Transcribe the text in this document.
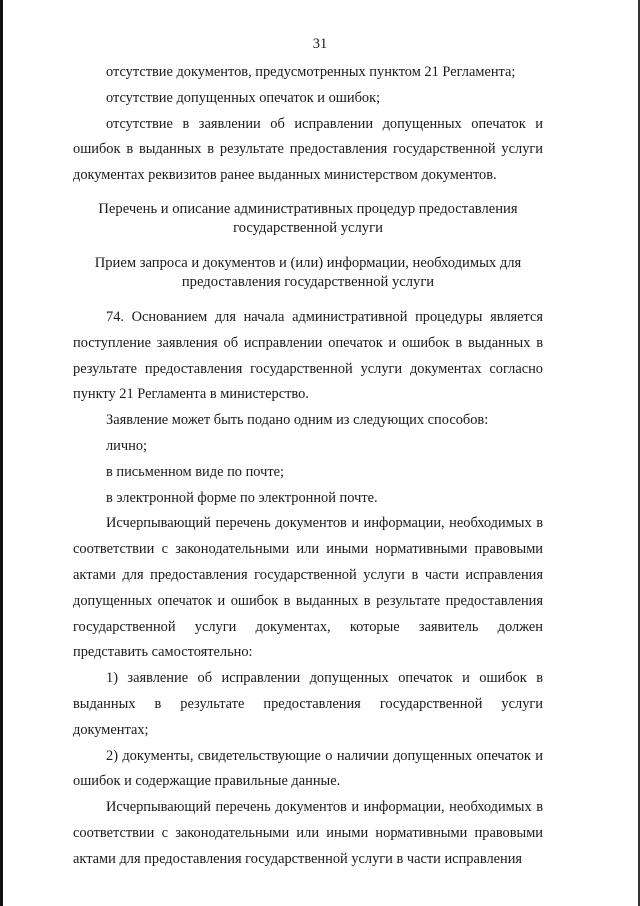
31

отсутствие документов, предусмотренных пунктом 21 Регламента;

отсутствие допущенных опечаток и ошибок;

отсутствие в заявлении об исправлении допущенных опечаток и ошибок в выданных в результате предоставления государственной услуги документах реквизитов ранее выданных министерством документов.

Перечень и описание административных процедур предоставления государственной услуги

Прием запроса и документов и (или) информации, необходимых для предоставления государственной услуги

74. Основанием для начала административной процедуры является поступление заявления об исправлении опечаток и ошибок в выданных в результате предоставления государственной услуги документах согласно пункту 21 Регламента в министерство.

Заявление может быть подано одним из следующих способов:

лично;

в письменном виде по почте;

в электронной форме по электронной почте.

Исчерпывающий перечень документов и информации, необходимых в соответствии с законодательными или иными нормативными правовыми актами для предоставления государственной услуги в части исправления допущенных опечаток и ошибок в выданных в результате предоставления государственной услуги документах, которые заявитель должен представить самостоятельно:

1) заявление об исправлении допущенных опечаток и ошибок в выданных в результате предоставления государственной услуги документах;

2) документы, свидетельствующие о наличии допущенных опечаток и ошибок и содержащие правильные данные.

Исчерпывающий перечень документов и информации, необходимых в соответствии с законодательными или иными нормативными правовыми актами для предоставления государственной услуги в части исправления
